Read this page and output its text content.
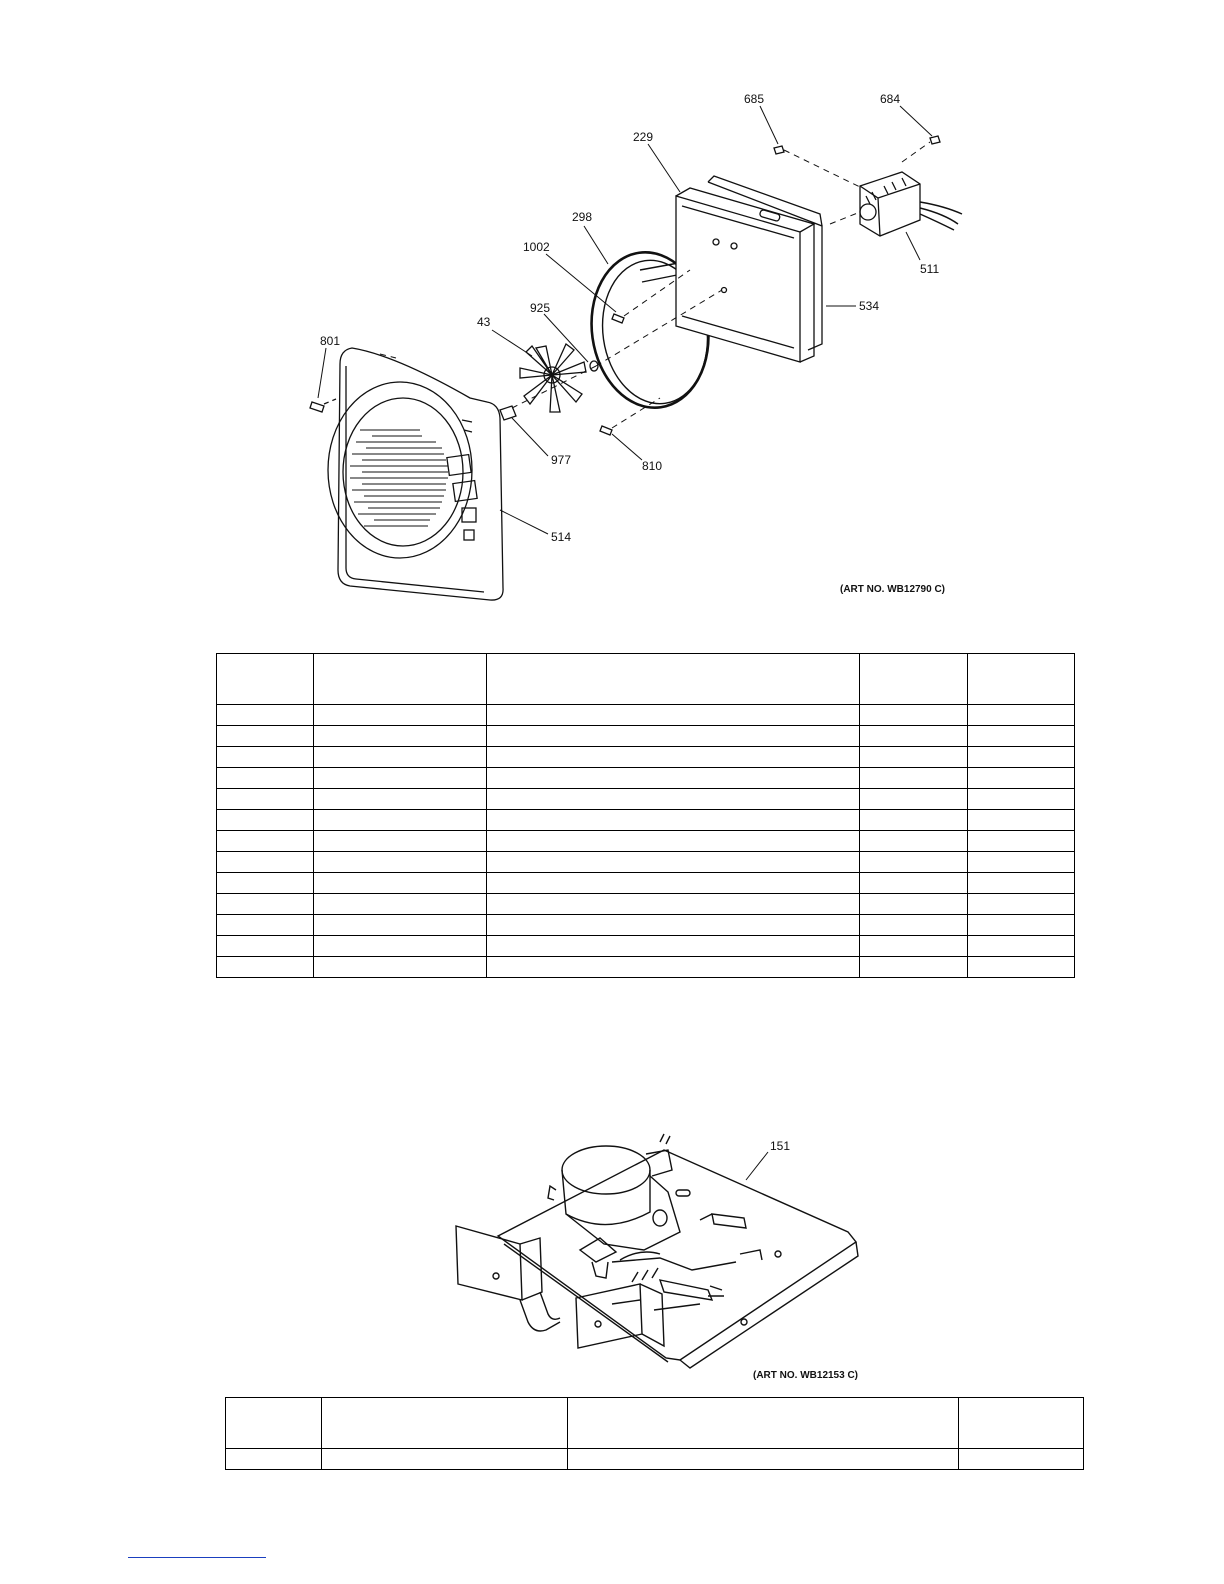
685	684
229
298
1002
511
534
43
925
801
977	810
514
(ART NO. WB12790 C)

151
(ART NO. WB12153 C)
